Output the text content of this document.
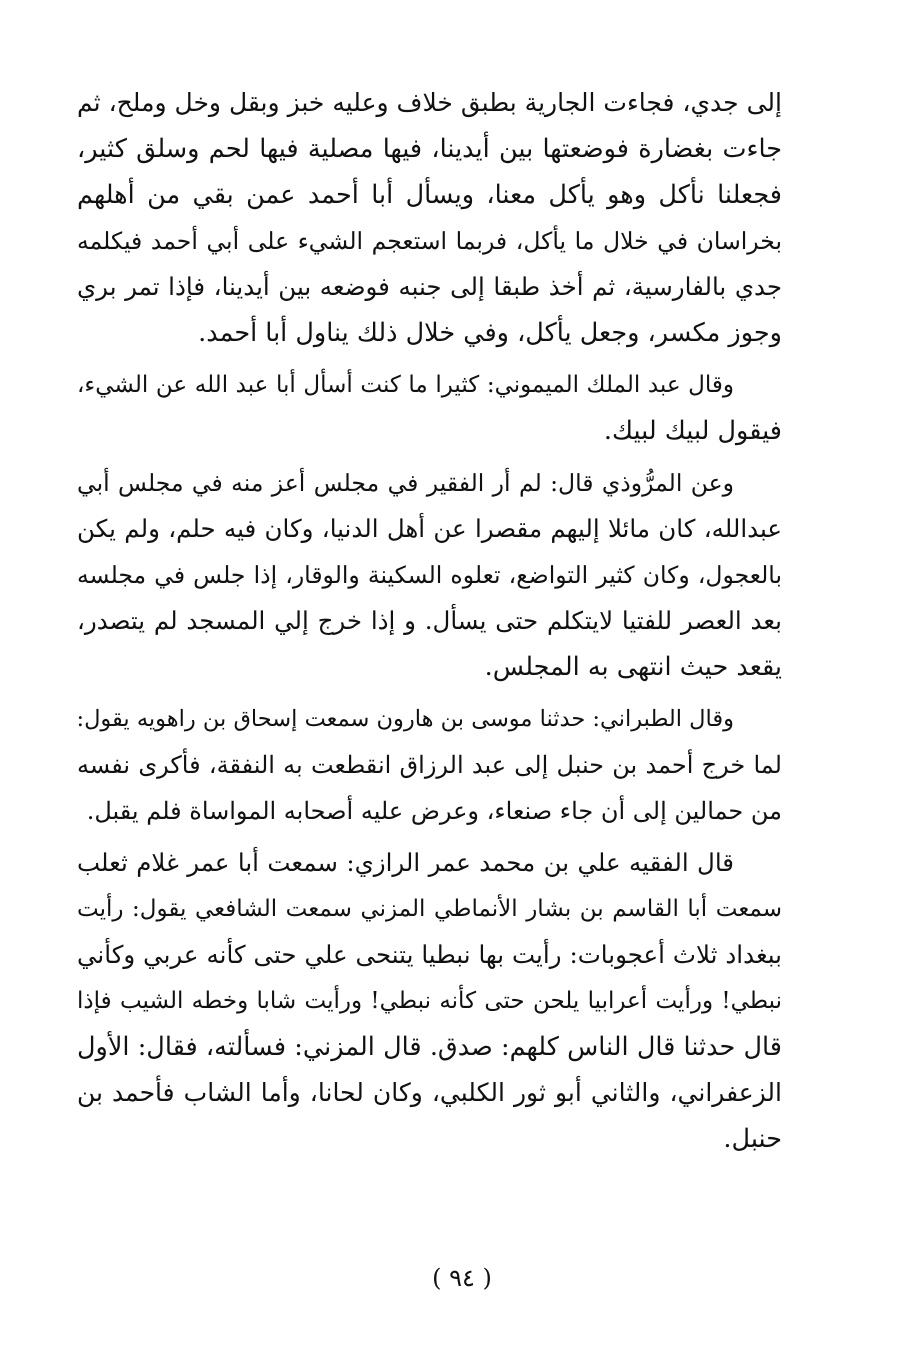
إلى جدي، فجاءت الجارية بطبق خلاف وعليه خبز وبقل وخل وملح، ثم
جاءت بغضارة فوضعتها بين أيدينا، فيها مصلية فيها لحم وسلق كثير،
فجعلنا نأكل وهو يأكل معنا، ويسأل أبا أحمد عمن بقي من أهلهم
بخراسان في خلال ما يأكل، فربما استعجم الشيء على أبي أحمد فيكلمه
جدي بالفارسية، ثم أخذ طبقا إلى جنبه فوضعه بين أيدينا، فإذا تمر بري
وجوز مكسر، وجعل يأكل، وفي خلال ذلك يناول أبا أحمد.
وقال عبد الملك الميموني: كثيرا ما كنت أسأل أبا عبد الله عن الشيء،
فيقول لبيك لبيك.
وعن المرُّوذي قال: لم أر الفقير في مجلس أعز منه في مجلس أبي
عبدالله، كان مائلا إليهم مقصرا عن أهل الدنيا، وكان فيه حلم، ولم يكن
بالعجول، وكان كثير التواضع، تعلوه السكينة والوقار، إذا جلس في مجلسه
بعد العصر للفتيا لايتكلم حتى يسأل. و إذا خرج إلي المسجد لم يتصدر،
يقعد حيث انتهى به المجلس.
وقال الطبراني: حدثنا موسى بن هارون سمعت إسحاق بن راهويه يقول:
لما خرج أحمد بن حنبل إلى عبد الرزاق انقطعت به النفقة، فأكرى نفسه
من حمالين إلى أن جاء صنعاء، وعرض عليه أصحابه المواساة فلم يقبل.
قال الفقيه علي بن محمد عمر الرازي: سمعت أبا عمر غلام ثعلب
سمعت أبا القاسم بن بشار الأنماطي المزني سمعت الشافعي يقول: رأيت
ببغداد ثلاث أعجوبات: رأيت بها نبطيا يتنحى علي حتى كأنه عربي وكأني
نبطي! ورأيت أعرابيا يلحن حتى كأنه نبطي! ورأيت شابا وخطه الشيب فإذا
قال حدثنا قال الناس كلهم: صدق. قال المزني: فسألته، فقال: الأول
الزعفراني، والثاني أبو ثور الكلبي، وكان لحانا، وأما الشاب فأحمد بن
حنبل.
( ٩٤ )
